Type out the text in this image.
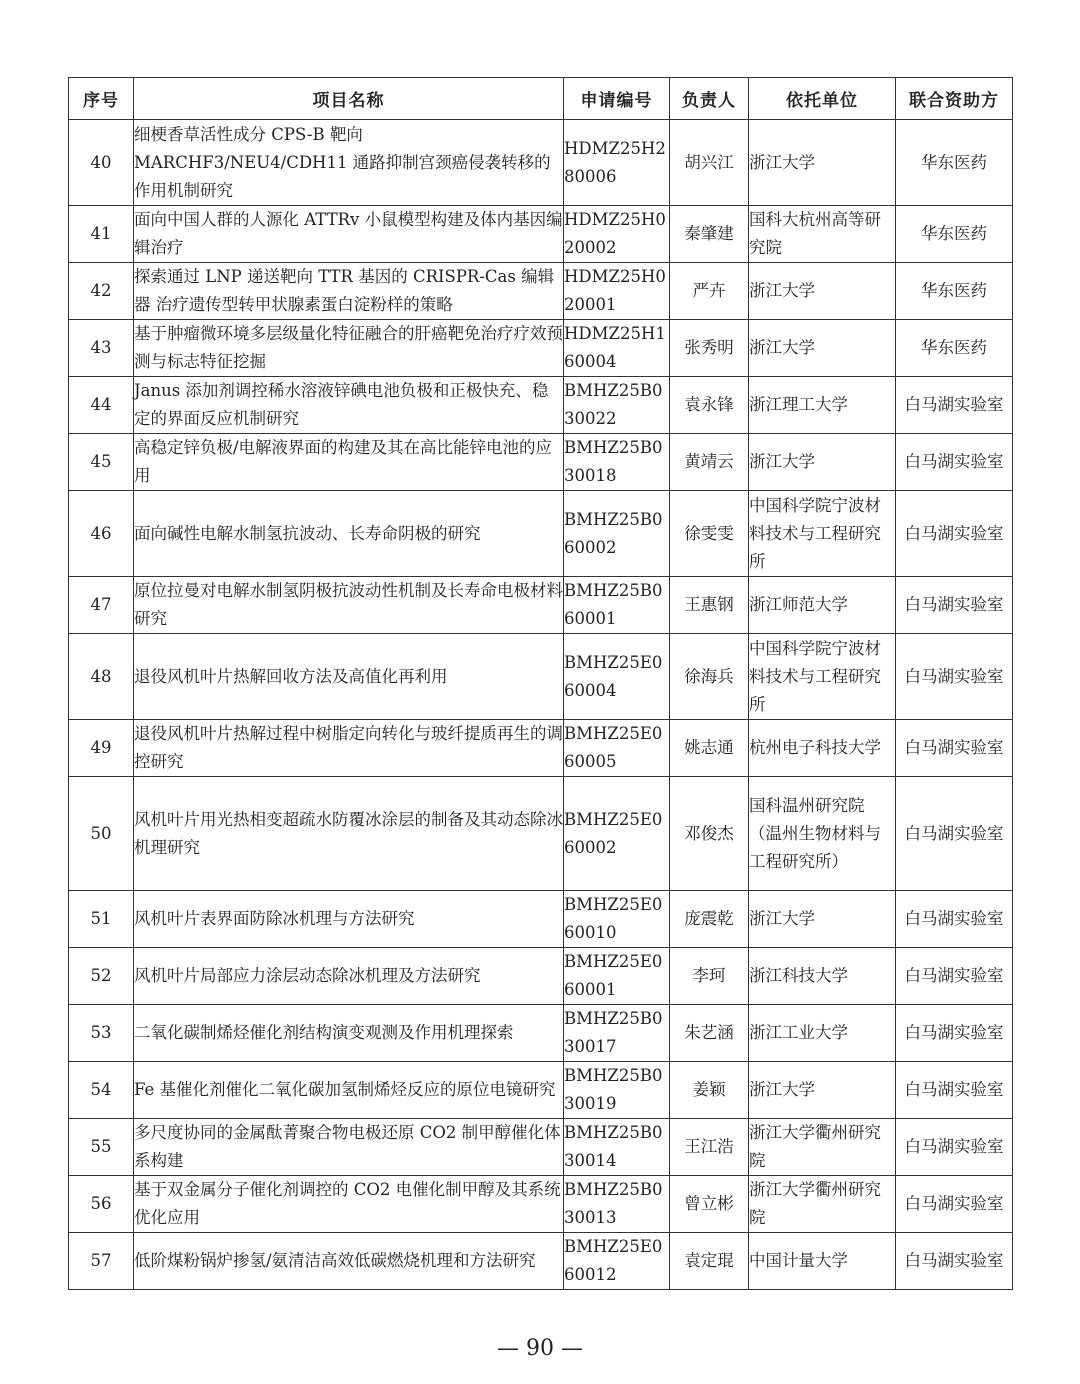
序号	项目名称	申请编号	负责人	依托单位	联合资助方
40	细梗香草活性成分 CPS-B 靶向 MARCHF3/NEU4/CDH11 通路抑制宫颈癌侵袭转移的作用机制研究	HDMZ25H280006	胡兴江	浙江大学	华东医药
41	面向中国人群的人源化 ATTRv 小鼠模型构建及体内基因编辑治疗	HDMZ25H020002	秦肇建	国科大杭州高等研究院	华东医药
42	探索通过 LNP 递送靶向 TTR 基因的 CRISPR-Cas 编辑器 治疗遗传型转甲状腺素蛋白淀粉样的策略	HDMZ25H020001	严卉	浙江大学	华东医药
43	基于肿瘤微环境多层级量化特征融合的肝癌靶免治疗疗效预测与标志特征挖掘	HDMZ25H160004	张秀明	浙江大学	华东医药
44	Janus 添加剂调控稀水溶液锌碘电池负极和正极快充、稳定的界面反应机制研究	BMHZ25B030022	袁永锋	浙江理工大学	白马湖实验室
45	高稳定锌负极/电解液界面的构建及其在高比能锌电池的应用	BMHZ25B030018	黄靖云	浙江大学	白马湖实验室
46	面向碱性电解水制氢抗波动、长寿命阴极的研究	BMHZ25B060002	徐雯雯	中国科学院宁波材料技术与工程研究所	白马湖实验室
47	原位拉曼对电解水制氢阴极抗波动性机制及长寿命电极材料研究	BMHZ25B060001	王惠钢	浙江师范大学	白马湖实验室
48	退役风机叶片热解回收方法及高值化再利用	BMHZ25E060004	徐海兵	中国科学院宁波材料技术与工程研究所	白马湖实验室
49	退役风机叶片热解过程中树脂定向转化与玻纤提质再生的调控研究	BMHZ25E060005	姚志通	杭州电子科技大学	白马湖实验室
50	风机叶片用光热相变超疏水防覆冰涂层的制备及其动态除冰机理研究	BMHZ25E060002	邓俊杰	国科温州研究院（温州生物材料与工程研究所）	白马湖实验室
51	风机叶片表界面防除冰机理与方法研究	BMHZ25E060010	庞震乾	浙江大学	白马湖实验室
52	风机叶片局部应力涂层动态除冰机理及方法研究	BMHZ25E060001	李珂	浙江科技大学	白马湖实验室
53	二氧化碳制烯烃催化剂结构演变观测及作用机理探索	BMHZ25B030017	朱艺涵	浙江工业大学	白马湖实验室
54	Fe 基催化剂催化二氧化碳加氢制烯烃反应的原位电镜研究	BMHZ25B030019	姜颖	浙江大学	白马湖实验室
55	多尺度协同的金属酞菁聚合物电极还原 CO2 制甲醇催化体系构建	BMHZ25B030014	王江浩	浙江大学衢州研究院	白马湖实验室
56	基于双金属分子催化剂调控的 CO2 电催化制甲醇及其系统优化应用	BMHZ25B030013	曾立彬	浙江大学衢州研究院	白马湖实验室
57	低阶煤粉锅炉掺氢/氨清洁高效低碳燃烧机理和方法研究	BMHZ25E060012	袁定琨	中国计量大学	白马湖实验室
— 90 —
